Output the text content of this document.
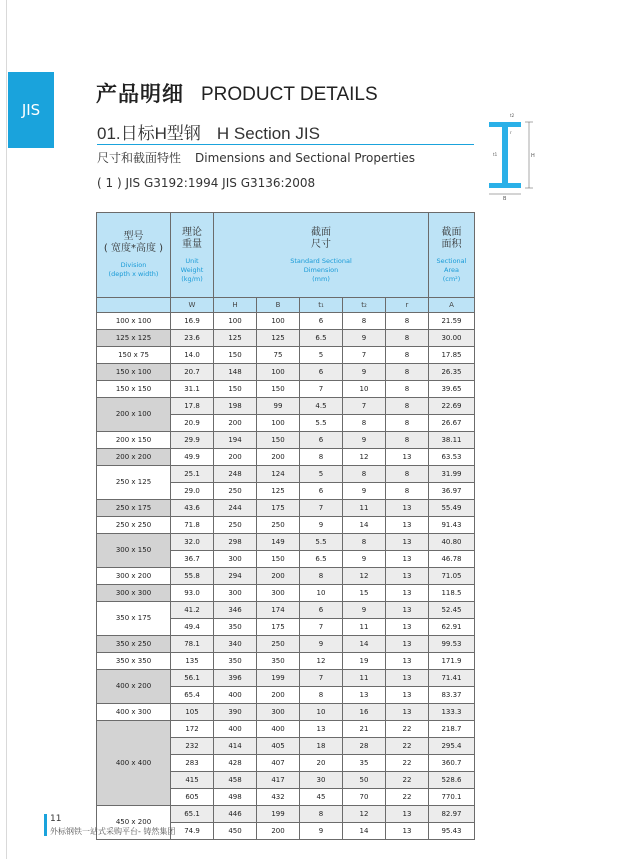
JIS
产品明细 PRODUCT DETAILS
01.日标H型钢 H Section JIS
尺寸和截面特性 Dimensions and Sectional Properties
( 1 ) JIS G3192:1994 JIS G3136:2008
H
B
t2
t1
r
型号
( 宽度*高度 )
Division
(depth x width)	理论
重量
Unit
Weight
(kg/m)	截面
尺寸
Standard Sectional
Dimension
(mm)					截面
面积
Sectional
Area
(cm²)

	W	H	B	t₁	t₂	r	A
100 x 100	16.9	100	100	6	8	8	21.59
125 x 125	23.6	125	125	6.5	9	8	30.00
150 x 75	14.0	150	75	5	7	8	17.85
150 x 100	20.7	148	100	6	9	8	26.35
150 x 150	31.1	150	150	7	10	8	39.65
200 x 100	17.8	198	99	4.5	7	8	22.69
	20.9	200	100	5.5	8	8	26.67
200 x 150	29.9	194	150	6	9	8	38.11
200 x 200	49.9	200	200	8	12	13	63.53
250 x 125	25.1	248	124	5	8	8	31.99
	29.0	250	125	6	9	8	36.97
250 x 175	43.6	244	175	7	11	13	55.49
250 x 250	71.8	250	250	9	14	13	91.43
300 x 150	32.0	298	149	5.5	8	13	40.80
	36.7	300	150	6.5	9	13	46.78
300 x 200	55.8	294	200	8	12	13	71.05
300 x 300	93.0	300	300	10	15	13	118.5
350 x 175	41.2	346	174	6	9	13	52.45
	49.4	350	175	7	11	13	62.91
350 x 250	78.1	340	250	9	14	13	99.53
350 x 350	135	350	350	12	19	13	171.9
400 x 200	56.1	396	199	7	11	13	71.41
	65.4	400	200	8	13	13	83.37
400 x 300	105	390	300	10	16	13	133.3
400 x 400	172	400	400	13	21	22	218.7
	232	414	405	18	28	22	295.4
	283	428	407	20	35	22	360.7
	415	458	417	30	50	22	528.6
	605	498	432	45	70	22	770.1
450 x 200	65.1	446	199	8	12	13	82.97
	74.9	450	200	9	14	13	95.43
11
外标钢铁一站式采购平台- 铸然集团
